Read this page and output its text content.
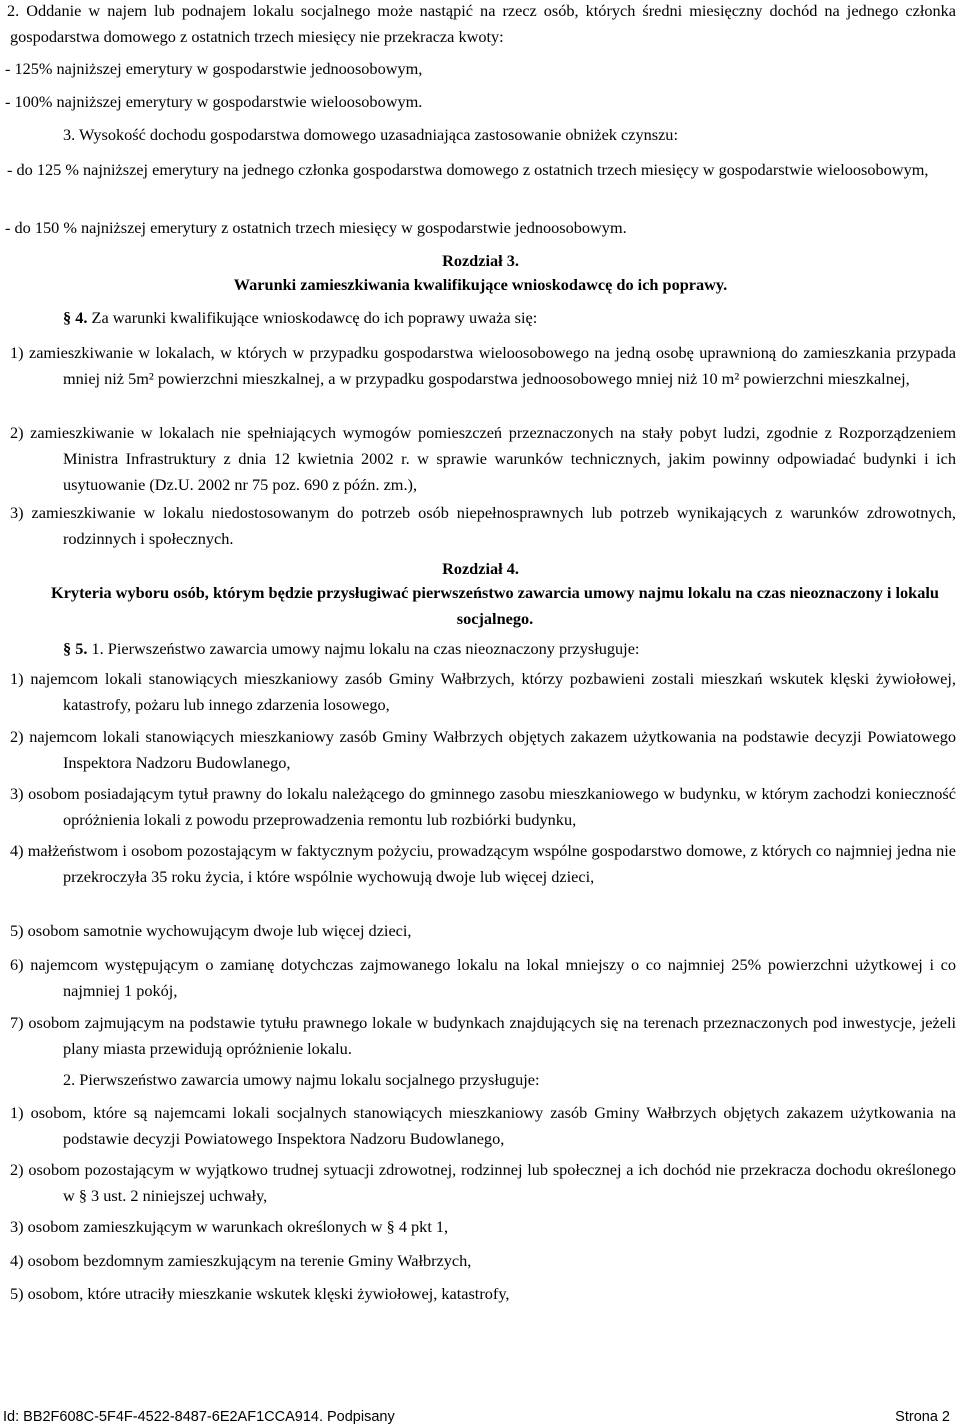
2. Oddanie w najem lub podnajem lokalu socjalnego może nastąpić na rzecz osób, których średni miesięczny dochód na jednego członka gospodarstwa domowego z ostatnich trzech miesięcy nie przekracza kwoty:
- 125% najniższej emerytury w gospodarstwie jednoosobowym,
- 100% najniższej emerytury w gospodarstwie wieloosobowym.
3. Wysokość dochodu gospodarstwa domowego uzasadniająca zastosowanie obniżek czynszu:
- do 125 % najniższej emerytury na jednego członka gospodarstwa domowego z ostatnich trzech miesięcy w gospodarstwie wieloosobowym,
- do 150 % najniższej emerytury z ostatnich trzech miesięcy w gospodarstwie jednoosobowym.
Rozdział 3.
Warunki zamieszkiwania kwalifikujące wnioskodawcę do ich poprawy.
§ 4. Za warunki kwalifikujące wnioskodawcę do ich poprawy uważa się:
1) zamieszkiwanie w lokalach, w których w przypadku gospodarstwa wieloosobowego na jedną osobę uprawnioną do zamieszkania przypada mniej niż 5m² powierzchni mieszkalnej, a w przypadku gospodarstwa jednoosobowego mniej niż 10 m² powierzchni mieszkalnej,
2) zamieszkiwanie w lokalach nie spełniających wymogów pomieszczeń przeznaczonych na stały pobyt ludzi, zgodnie z Rozporządzeniem Ministra Infrastruktury z dnia 12 kwietnia 2002 r. w sprawie warunków technicznych, jakim powinny odpowiadać budynki i ich usytuowanie (Dz.U. 2002 nr 75 poz. 690 z późn. zm.),
3) zamieszkiwanie w lokalu niedostosowanym do potrzeb osób niepełnosprawnych lub potrzeb wynikających z warunków zdrowotnych, rodzinnych i społecznych.
Rozdział 4.
Kryteria wyboru osób, którym będzie przysługiwać pierwszeństwo zawarcia umowy najmu lokalu na czas nieoznaczony i lokalu socjalnego.
§ 5. 1. Pierwszeństwo zawarcia umowy najmu lokalu na czas nieoznaczony przysługuje:
1) najemcom lokali stanowiących mieszkaniowy zasób Gminy Wałbrzych, którzy pozbawieni zostali mieszkań wskutek klęski żywiołowej, katastrofy, pożaru lub innego zdarzenia losowego,
2) najemcom lokali stanowiących mieszkaniowy zasób Gminy Wałbrzych objętych zakazem użytkowania na podstawie decyzji Powiatowego Inspektora Nadzoru Budowlanego,
3) osobom posiadającym tytuł prawny do lokalu należącego do gminnego zasobu mieszkaniowego w budynku, w którym zachodzi konieczność opróżnienia lokali z powodu przeprowadzenia remontu lub rozbiórki budynku,
4) małżeństwom i osobom pozostającym w faktycznym pożyciu, prowadzącym wspólne gospodarstwo domowe, z których co najmniej jedna nie przekroczyła 35 roku życia, i które wspólnie wychowują dwoje lub więcej dzieci,
5) osobom samotnie wychowującym dwoje lub więcej dzieci,
6) najemcom występującym o zamianę dotychczas zajmowanego lokalu na lokal mniejszy o co najmniej 25% powierzchni użytkowej i co najmniej 1 pokój,
7) osobom zajmującym na podstawie tytułu prawnego lokale w budynkach znajdujących się na terenach przeznaczonych pod inwestycje, jeżeli plany miasta przewidują opróżnienie lokalu.
2. Pierwszeństwo zawarcia umowy najmu lokalu socjalnego przysługuje:
1) osobom, które są najemcami lokali socjalnych stanowiących mieszkaniowy zasób Gminy Wałbrzych objętych zakazem użytkowania na podstawie decyzji Powiatowego Inspektora Nadzoru Budowlanego,
2) osobom pozostającym w wyjątkowo trudnej sytuacji zdrowotnej, rodzinnej lub społecznej a ich dochód nie przekracza dochodu określonego w § 3 ust. 2 niniejszej uchwały,
3) osobom zamieszkującym w warunkach określonych w § 4 pkt 1,
4) osobom bezdomnym zamieszkującym na terenie Gminy Wałbrzych,
5) osobom, które utraciły mieszkanie wskutek klęski żywiołowej, katastrofy,
Id: BB2F608C-5F4F-4522-8487-6E2AF1CCA914. Podpisany	Strona 2
